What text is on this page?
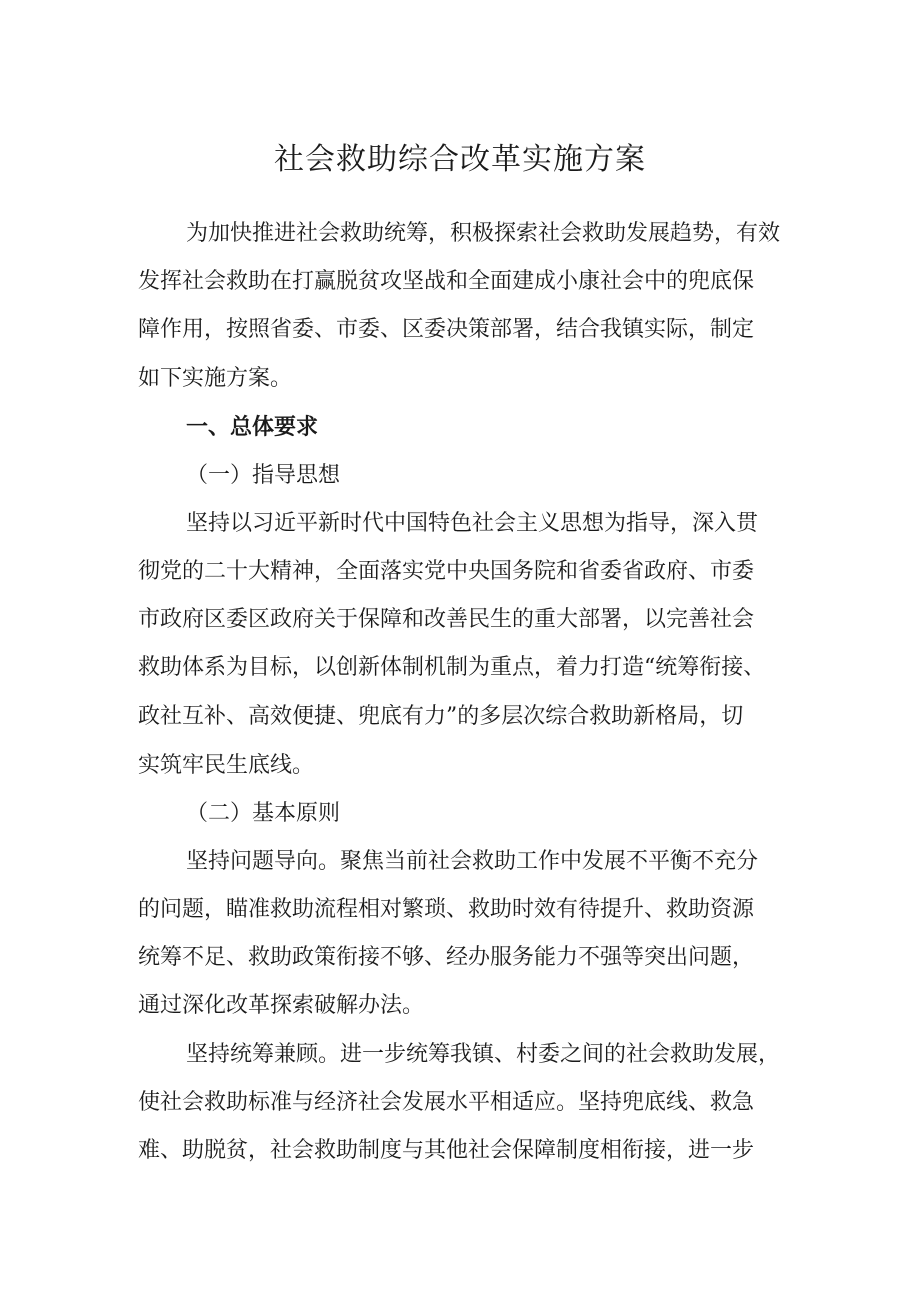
社会救助综合改革实施方案

为加快推进社会救助统筹，积极探索社会救助发展趋势，有效

发挥社会救助在打赢脱贫攻坚战和全面建成小康社会中的兜底保

障作用，按照省委、市委、区委决策部署，结合我镇实际，制定

如下实施方案。

一、总体要求

（一）指导思想

坚持以习近平新时代中国特色社会主义思想为指导，深入贯

彻党的二十大精神，全面落实党中央国务院和省委省政府、市委

市政府区委区政府关于保障和改善民生的重大部署，以完善社会

救助体系为目标，以创新体制机制为重点，着力打造“统筹衔接、

政社互补、高效便捷、兜底有力”的多层次综合救助新格局，切

实筑牢民生底线。

（二）基本原则

坚持问题导向。聚焦当前社会救助工作中发展不平衡不充分

的问题，瞄准救助流程相对繁琐、救助时效有待提升、救助资源

统筹不足、救助政策衔接不够、经办服务能力不强等突出问题，

通过深化改革探索破解办法。

坚持统筹兼顾。进一步统筹我镇、村委之间的社会救助发展，

使社会救助标准与经济社会发展水平相适应。坚持兜底线、救急

难、助脱贫，社会救助制度与其他社会保障制度相衔接，进一步
